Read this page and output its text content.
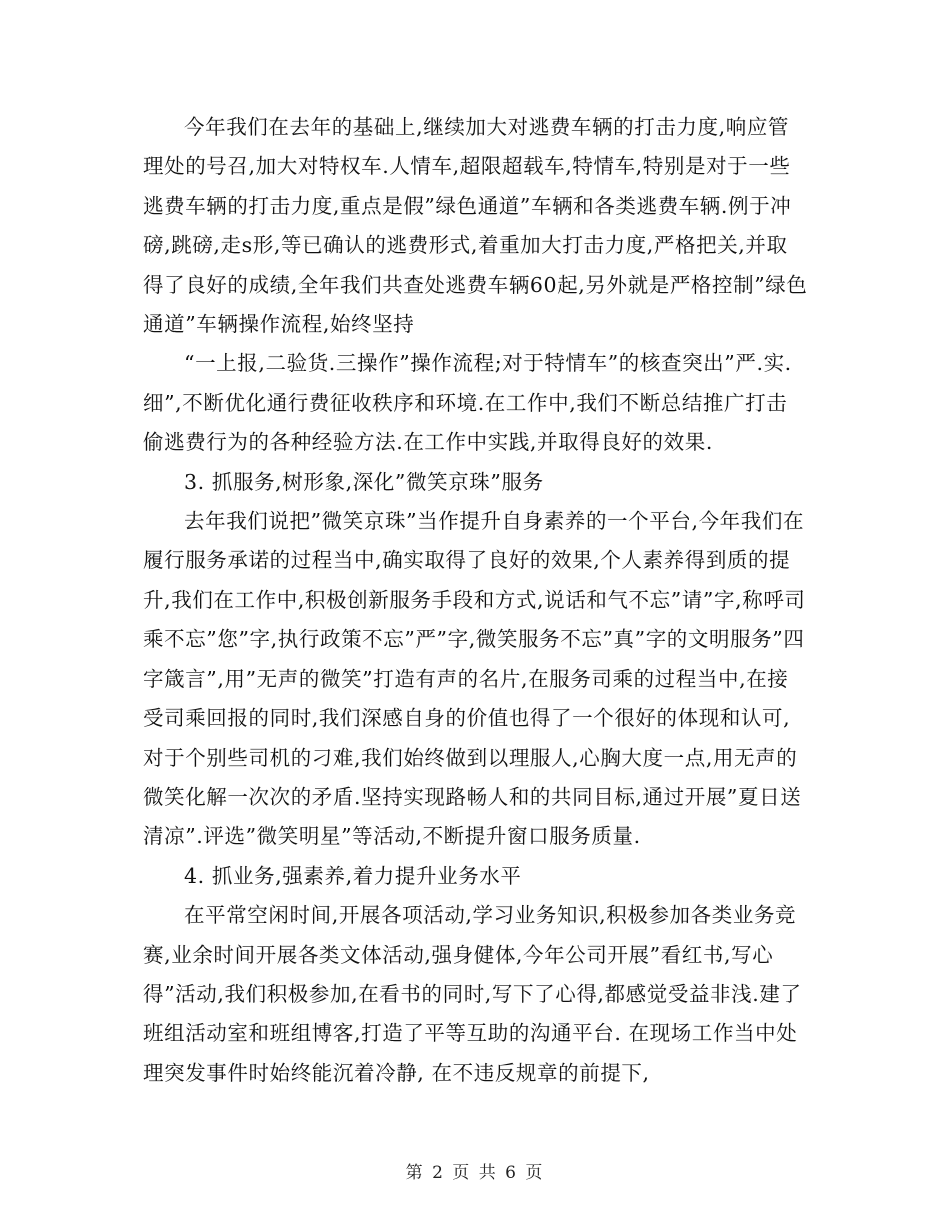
今年我们在去年的基础上,继续加大对逃费车辆的打击力度,响应管理处的号召,加大对特权车.人情车,超限超载车,特情车,特别是对于一些逃费车辆的打击力度,重点是假”绿色通道”车辆和各类逃费车辆.例于冲磅,跳磅,走s形,等已确认的逃费形式,着重加大打击力度,严格把关,并取得了良好的成绩,全年我们共查处逃费车辆60起,另外就是严格控制”绿色通道”车辆操作流程,始终坚持

“一上报,二验货.三操作”操作流程;对于特情车”的核查突出”严.实.细”,不断优化通行费征收秩序和环境.在工作中,我们不断总结推广打击偷逃费行为的各种经验方法.在工作中实践,并取得良好的效果.

3. 抓服务,树形象,深化”微笑京珠”服务

去年我们说把”微笑京珠”当作提升自身素养的一个平台,今年我们在履行服务承诺的过程当中,确实取得了良好的效果,个人素养得到质的提升,我们在工作中,积极创新服务手段和方式,说话和气不忘”请”字,称呼司乘不忘”您”字,执行政策不忘”严”字,微笑服务不忘”真”字的文明服务”四字箴言”,用”无声的微笑”打造有声的名片,在服务司乘的过程当中,在接受司乘回报的同时,我们深感自身的价值也得了一个很好的体现和认可,对于个别些司机的刁难,我们始终做到以理服人,心胸大度一点,用无声的微笑化解一次次的矛盾.坚持实现路畅人和的共同目标,通过开展”夏日送清凉”.评选”微笑明星”等活动,不断提升窗口服务质量.

4. 抓业务,强素养,着力提升业务水平

在平常空闲时间,开展各项活动,学习业务知识,积极参加各类业务竞赛,业余时间开展各类文体活动,强身健体,今年公司开展”看红书,写心得”活动,我们积极参加,在看书的同时,写下了心得,都感觉受益非浅.建了班组活动室和班组博客,打造了平等互助的沟通平台. 在现场工作当中处理突发事件时始终能沉着冷静, 在不违反规章的前提下,

第 2 页 共 6 页
